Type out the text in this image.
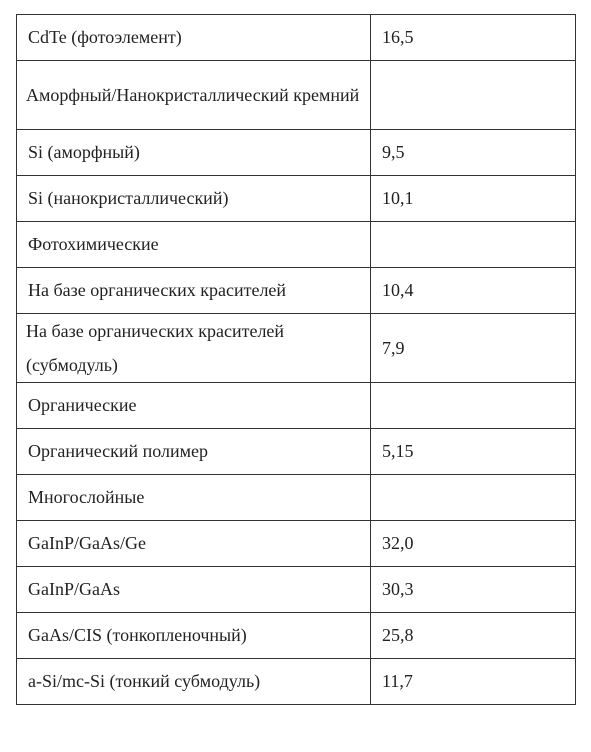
CdTe (фотоэлемент)	16,5
Аморфный/Нанокристаллический кремний	
Si (аморфный)	9,5
Si (нанокристаллический)	10,1
Фотохимические	
На базе органических красителей	10,4
На базе органических красителей (субмодуль)	7,9
Органические	
Органический полимер	5,15
Многослойные	
GaInP/GaAs/Ge	32,0
GaInP/GaAs	30,3
GaAs/CIS (тонкопленочный)	25,8
a-Si/mc-Si (тонкий субмодуль)	11,7
